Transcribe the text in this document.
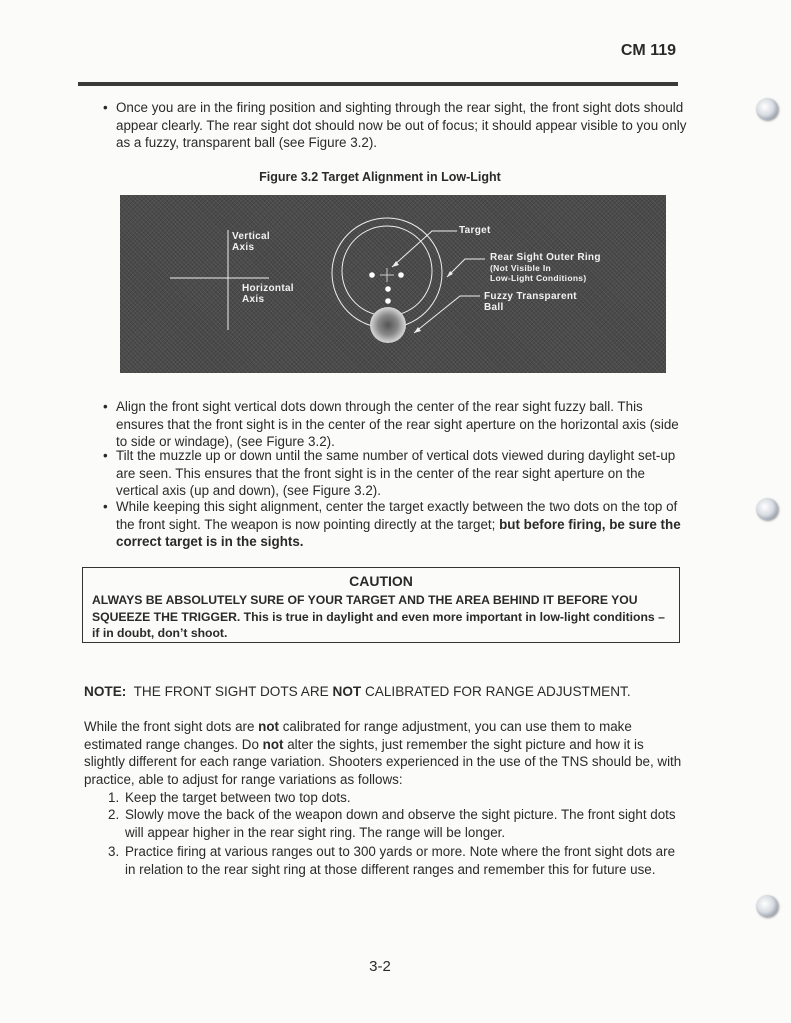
CM 119
• Once you are in the firing position and sighting through the rear sight, the front sight dots should appear clearly. The rear sight dot should now be out of focus; it should appear visible to you only as a fuzzy, transparent ball (see Figure 3.2).
Figure 3.2 Target Alignment in Low-Light
Vertical
Axis
Horizontal
Axis
Target
Rear Sight Outer Ring
(Not Visible In
Low-Light Conditions)
Fuzzy Transparent
Ball
• Align the front sight vertical dots down through the center of the rear sight fuzzy ball. This ensures that the front sight is in the center of the rear sight aperture on the horizontal axis (side to side or windage), (see Figure 3.2).
• Tilt the muzzle up or down until the same number of vertical dots viewed during daylight set-up are seen. This ensures that the front sight is in the center of the rear sight aperture on the vertical axis (up and down), (see Figure 3.2).
• While keeping this sight alignment, center the target exactly between the two dots on the top of the front sight. The weapon is now pointing directly at the target; but before firing, be sure the correct target is in the sights.
CAUTION
ALWAYS BE ABSOLUTELY SURE OF YOUR TARGET AND THE AREA BEHIND IT BEFORE YOU SQUEEZE THE TRIGGER. This is true in daylight and even more important in low-light conditions – if in doubt, don’t shoot.
NOTE:  THE FRONT SIGHT DOTS ARE NOT CALIBRATED FOR RANGE ADJUSTMENT.
While the front sight dots are not calibrated for range adjustment, you can use them to make estimated range changes. Do not alter the sights, just remember the sight picture and how it is slightly different for each range variation. Shooters experienced in the use of the TNS should be, with practice, able to adjust for range variations as follows:
1. Keep the target between two top dots.
2. Slowly move the back of the weapon down and observe the sight picture. The front sight dots will appear higher in the rear sight ring. The range will be longer.
3. Practice firing at various ranges out to 300 yards or more. Note where the front sight dots are in relation to the rear sight ring at those different ranges and remember this for future use.
3-2
